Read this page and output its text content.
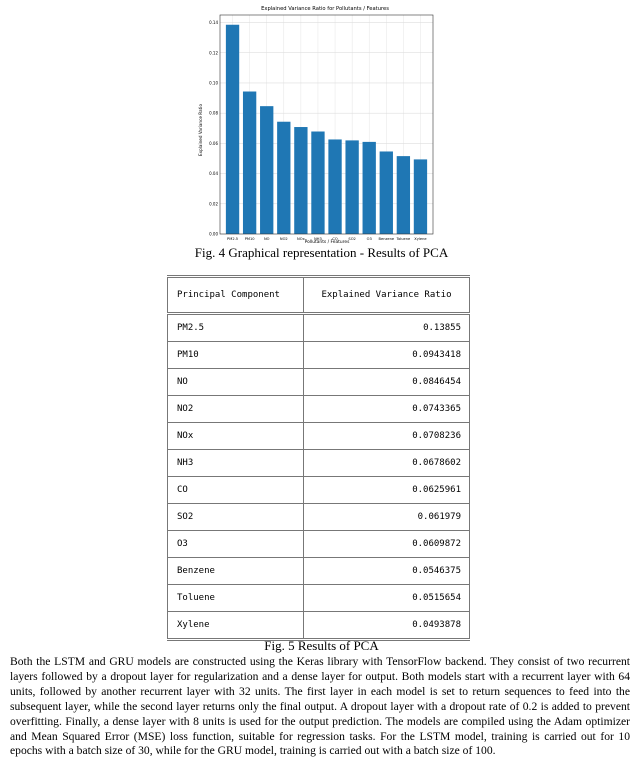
Explained Variance Ratio for Pollutants / Features
Explained Variance Ratio
Pollutants / Features
0.00
0.02
0.04
0.06
0.08
0.10
0.12
0.14
PM2.5 PM10	NO	NO2	NOx	NH3	CO	SO2	O3 Benzene Toluene Xylene
Fig. 4 Graphical representation - Results of PCA
Principal Component	Explained Variance Ratio
PM2.5	0.13855
PM10	0.0943418
NO	0.0846454
NO2	0.0743365
NOx	0.0708236
NH3	0.0678602
CO	0.0625961
SO2	0.061979
O3	0.0609872
Benzene	0.0546375
Toluene	0.0515654
Xylene	0.0493878
Fig. 5 Results of PCA
Both the LSTM and GRU models are constructed using the Keras library with TensorFlow backend. They consist of two recurrent layers followed by a dropout layer for regularization and a dense layer for output. Both models start with a recurrent layer with 64 units, followed by another recurrent layer with 32 units. The first layer in each model is set to return sequences to feed into the subsequent layer, while the second layer returns only the final output. A dropout layer with a dropout rate of 0.2 is added to prevent overfitting. Finally, a dense layer with 8 units is used for the output prediction. The models are compiled using the Adam optimizer and Mean Squared Error (MSE) loss function, suitable for regression tasks. For the LSTM model, training is carried out for 10 epochs with a batch size of 30, while for the GRU model, training is carried out with a batch size of 100.
